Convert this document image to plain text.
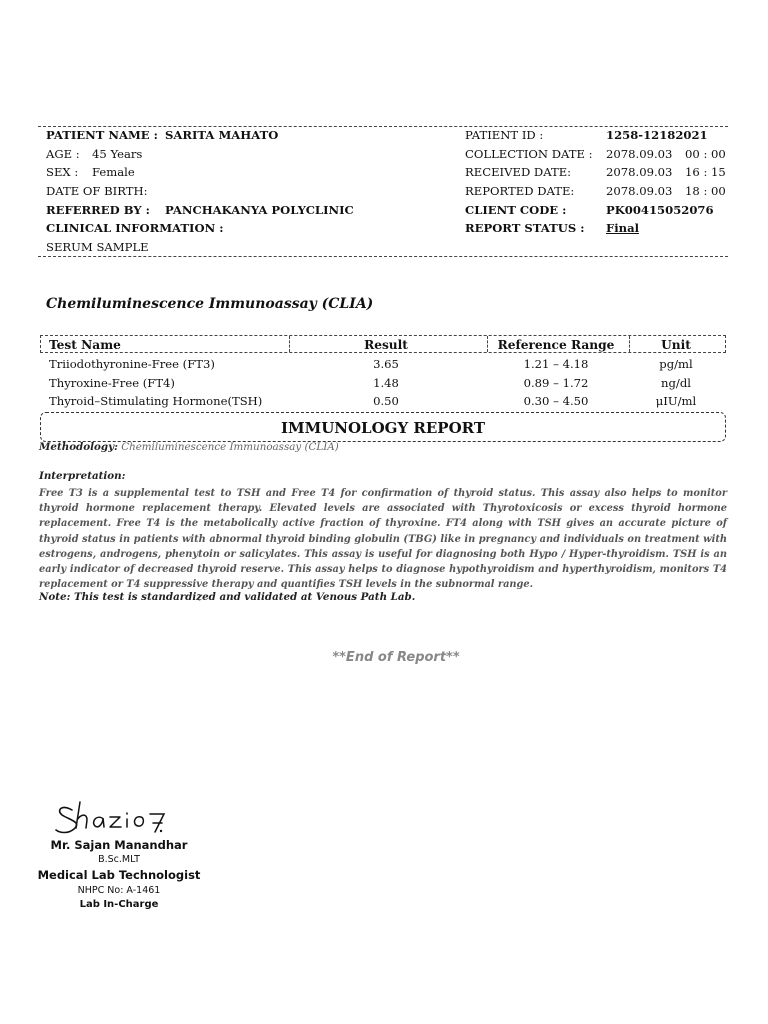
PATIENT NAME : SARITA MAHATO
AGE : 45 Years
SEX : Female
DATE OF BIRTH:
REFERRED BY : PANCHAKANYA POLYCLINIC
CLINICAL INFORMATION :
SERUM SAMPLE
PATIENT ID :	1258-12182021
COLLECTION DATE : 2078.09.03 00 : 00
RECEIVED DATE:	2078.09.03 16 : 15
REPORTED DATE:	2078.09.03 18 : 00
CLIENT CODE :	PK00415052076
REPORT STATUS : Final
Chemiluminescence Immunoassay (CLIA)
Test Name	Result	Reference Range	Unit
Triiodothyronine-Free (FT3)	3.65	1.21 – 4.18	pg/ml
Thyroxine-Free (FT4)	1.48	0.89 – 1.72	ng/dl
Thyroid–Stimulating Hormone(TSH)	0.50	0.30 – 4.50	μIU/ml
IMMUNOLOGY REPORT
Methodology: Chemiluminescence Immunoassay (CLIA)
Interpretation:
Free T3 is a supplemental test to TSH and Free T4 for confirmation of thyroid status. This assay also helps to monitor thyroid hormone replacement therapy. Elevated levels are associated with Thyrotoxicosis or excess thyroid hormone replacement. Free T4 is the metabolically active fraction of thyroxine. FT4 along with TSH gives an accurate picture of thyroid status in patients with abnormal thyroid binding globulin (TBG) like in pregnancy and individuals on treatment with estrogens, androgens, phenytoin or salicylates. This assay is useful for diagnosing both Hypo / Hyper-thyroidism. TSH is an early indicator of decreased thyroid reserve. This assay helps to diagnose hypothyroidism and hyperthyroidism, monitors T4 replacement or T4 suppressive therapy and quantifies TSH levels in the subnormal range.
Note: This test is standardized and validated at Venous Path Lab.
**End of Report**
Mr. Sajan Manandhar
B.Sc.MLT
Medical Lab Technologist
NHPC No: A-1461
Lab In-Charge
